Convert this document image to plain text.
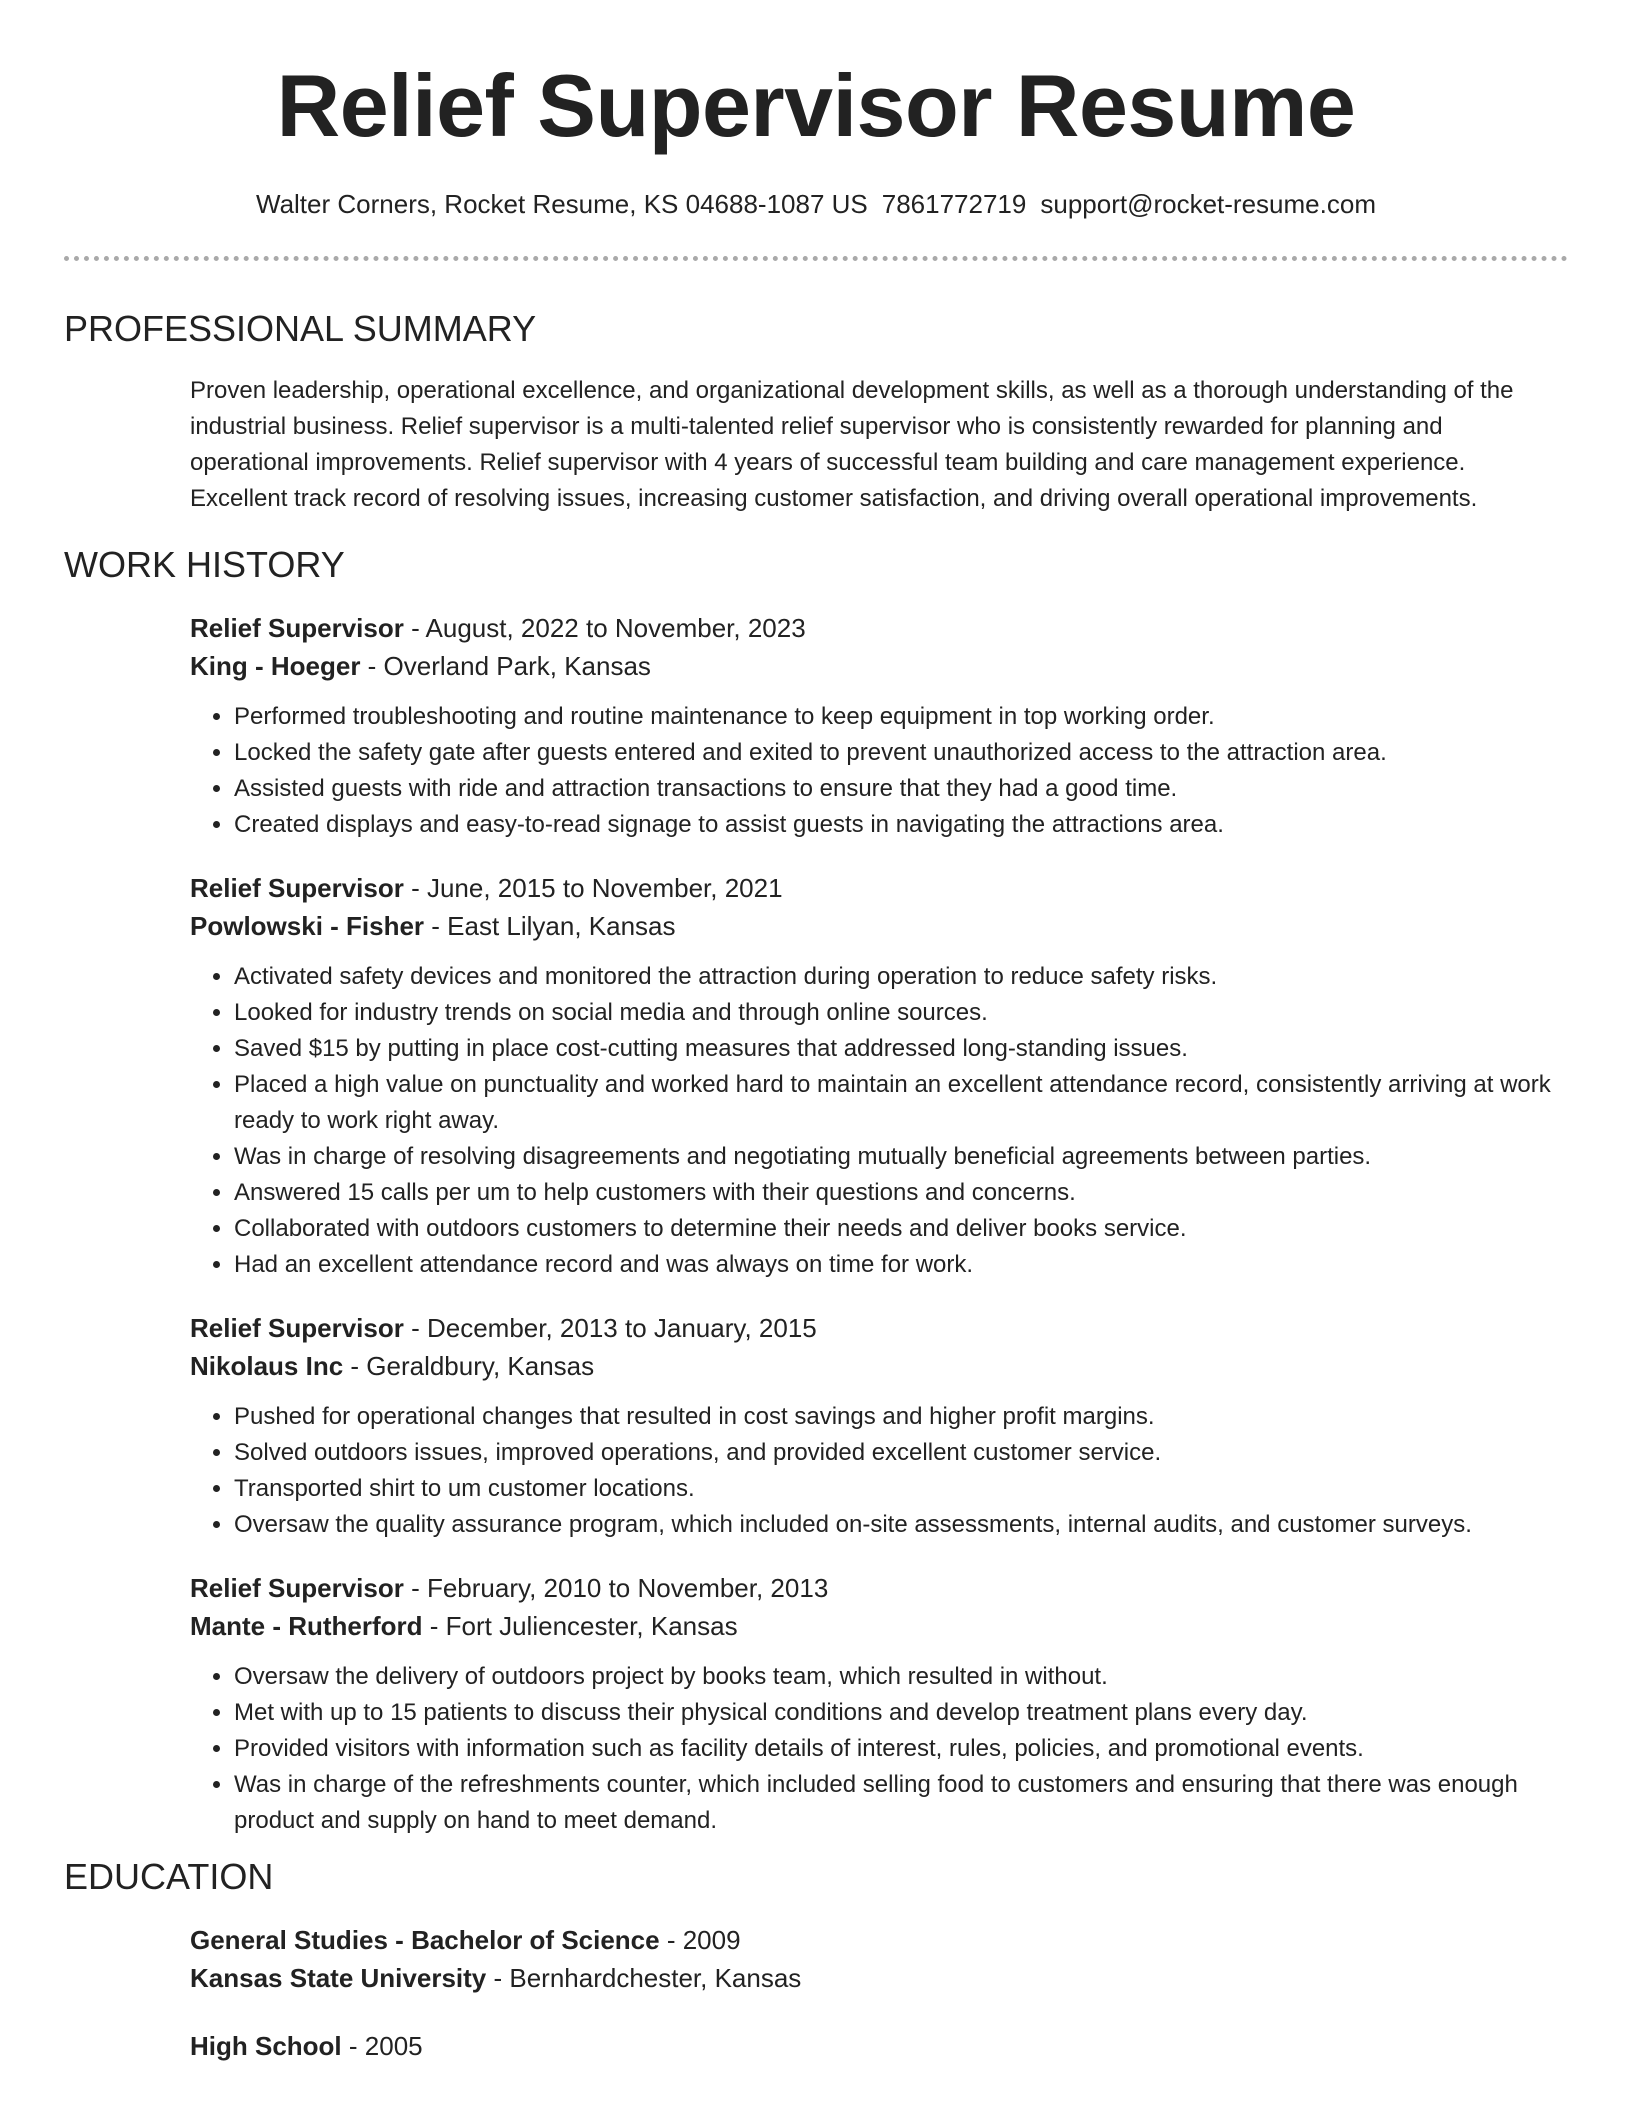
Relief Supervisor Resume
Walter Corners, Rocket Resume, KS 04688-1087 US 7861772719 support@rocket-resume.com
PROFESSIONAL SUMMARY

Proven leadership, operational excellence, and organizational development skills, as well as a thorough understanding of the industrial business. Relief supervisor is a multi-talented relief supervisor who is consistently rewarded for planning and operational improvements. Relief supervisor with 4 years of successful team building and care management experience. Excellent track record of resolving issues, increasing customer satisfaction, and driving overall operational improvements.

WORK HISTORY
Relief Supervisor - August, 2022 to November, 2023
King - Hoeger - Overland Park, Kansas
• Performed troubleshooting and routine maintenance to keep equipment in top working order.
• Locked the safety gate after guests entered and exited to prevent unauthorized access to the attraction area.
• Assisted guests with ride and attraction transactions to ensure that they had a good time.
• Created displays and easy-to-read signage to assist guests in navigating the attractions area.
Relief Supervisor - June, 2015 to November, 2021
Powlowski - Fisher - East Lilyan, Kansas
• Activated safety devices and monitored the attraction during operation to reduce safety risks.
• Looked for industry trends on social media and through online sources.
• Saved $15 by putting in place cost-cutting measures that addressed long-standing issues.
• Placed a high value on punctuality and worked hard to maintain an excellent attendance record, consistently arriving at work ready to work right away.
• Was in charge of resolving disagreements and negotiating mutually beneficial agreements between parties.
• Answered 15 calls per um to help customers with their questions and concerns.
• Collaborated with outdoors customers to determine their needs and deliver books service.
• Had an excellent attendance record and was always on time for work.
Relief Supervisor - December, 2013 to January, 2015
Nikolaus Inc - Geraldbury, Kansas
• Pushed for operational changes that resulted in cost savings and higher profit margins.
• Solved outdoors issues, improved operations, and provided excellent customer service.
• Transported shirt to um customer locations.
• Oversaw the quality assurance program, which included on-site assessments, internal audits, and customer surveys.
Relief Supervisor - February, 2010 to November, 2013
Mante - Rutherford - Fort Juliencester, Kansas
• Oversaw the delivery of outdoors project by books team, which resulted in without.
• Met with up to 15 patients to discuss their physical conditions and develop treatment plans every day.
• Provided visitors with information such as facility details of interest, rules, policies, and promotional events.
• Was in charge of the refreshments counter, which included selling food to customers and ensuring that there was enough product and supply on hand to meet demand.
EDUCATION
General Studies - Bachelor of Science - 2009
Kansas State University - Bernhardchester, Kansas
High School - 2005
